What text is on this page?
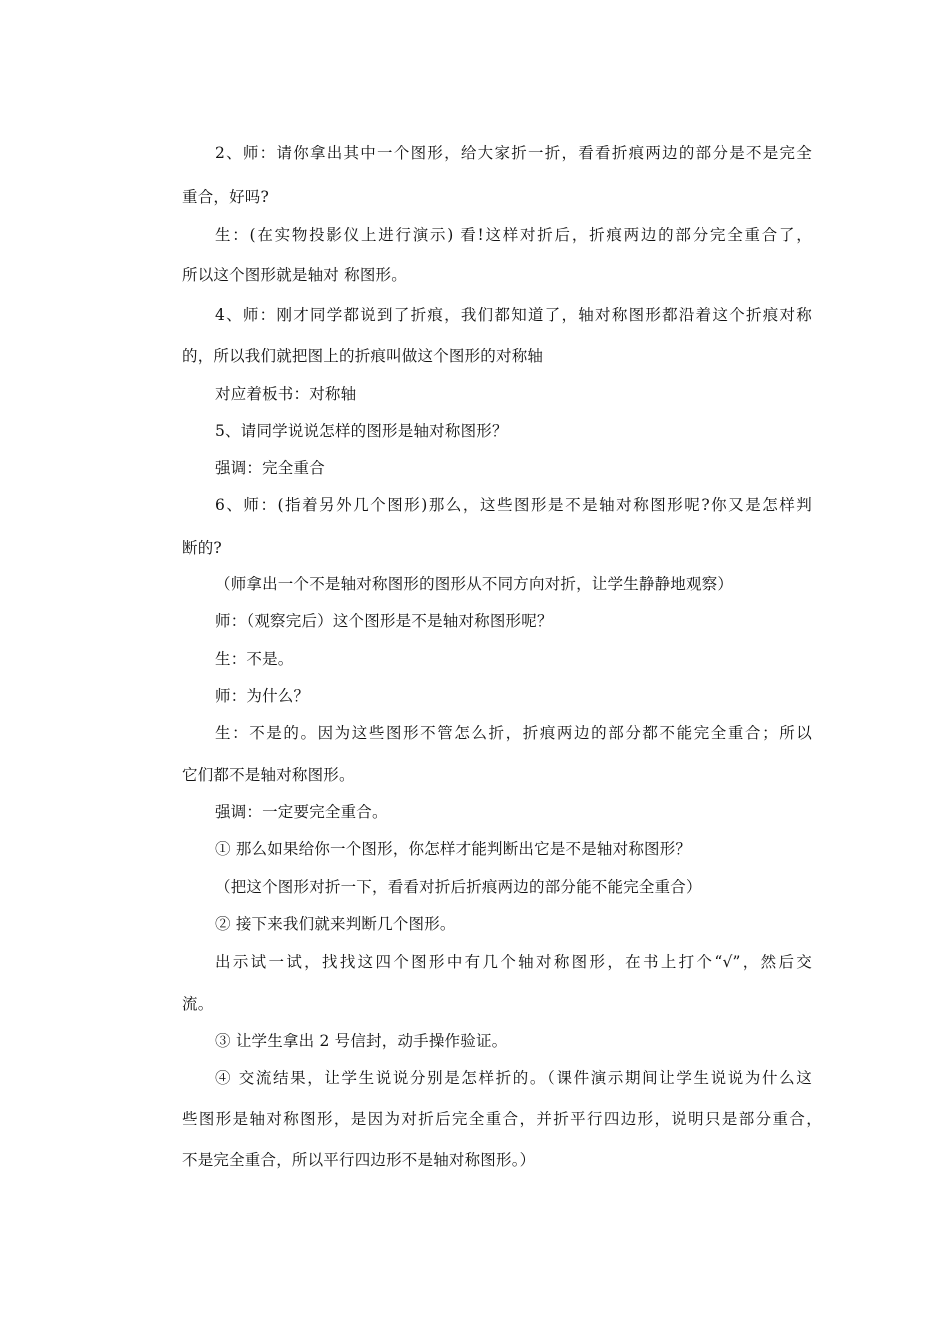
2、师：请你拿出其中一个图形，给大家折一折，看看折痕两边的部分是不是完全

重合，好吗?

生：(在实物投影仪上进行演示) 看!这样对折后，折痕两边的部分完全重合了，

所以这个图形就是轴对 称图形。

4、师：刚才同学都说到了折痕，我们都知道了，轴对称图形都沿着这个折痕对称

的，所以我们就把图上的折痕叫做这个图形的对称轴

对应着板书：对称轴

5、请同学说说怎样的图形是轴对称图形？

强调：完全重合

6、师：(指着另外几个图形)那么，这些图形是不是轴对称图形呢?你又是怎样判

断的?

（师拿出一个不是轴对称图形的图形从不同方向对折，让学生静静地观察）

师：（观察完后）这个图形是不是轴对称图形呢？

生：不是。

师：为什么？

生：不是的。因为这些图形不管怎么折，折痕两边的部分都不能完全重合；所以

它们都不是轴对称图形。

强调：一定要完全重合。

① 那么如果给你一个图形，你怎样才能判断出它是不是轴对称图形？

（把这个图形对折一下，看看对折后折痕两边的部分能不能完全重合）

② 接下来我们就来判断几个图形。

出示试一试，找找这四个图形中有几个轴对称图形，在书上打个“√”，然后交

流。

③ 让学生拿出 2 号信封，动手操作验证。

④ 交流结果，让学生说说分别是怎样折的。（课件演示期间让学生说说为什么这

些图形是轴对称图形，是因为对折后完全重合，并折平行四边形，说明只是部分重合，

不是完全重合，所以平行四边形不是轴对称图形。）
